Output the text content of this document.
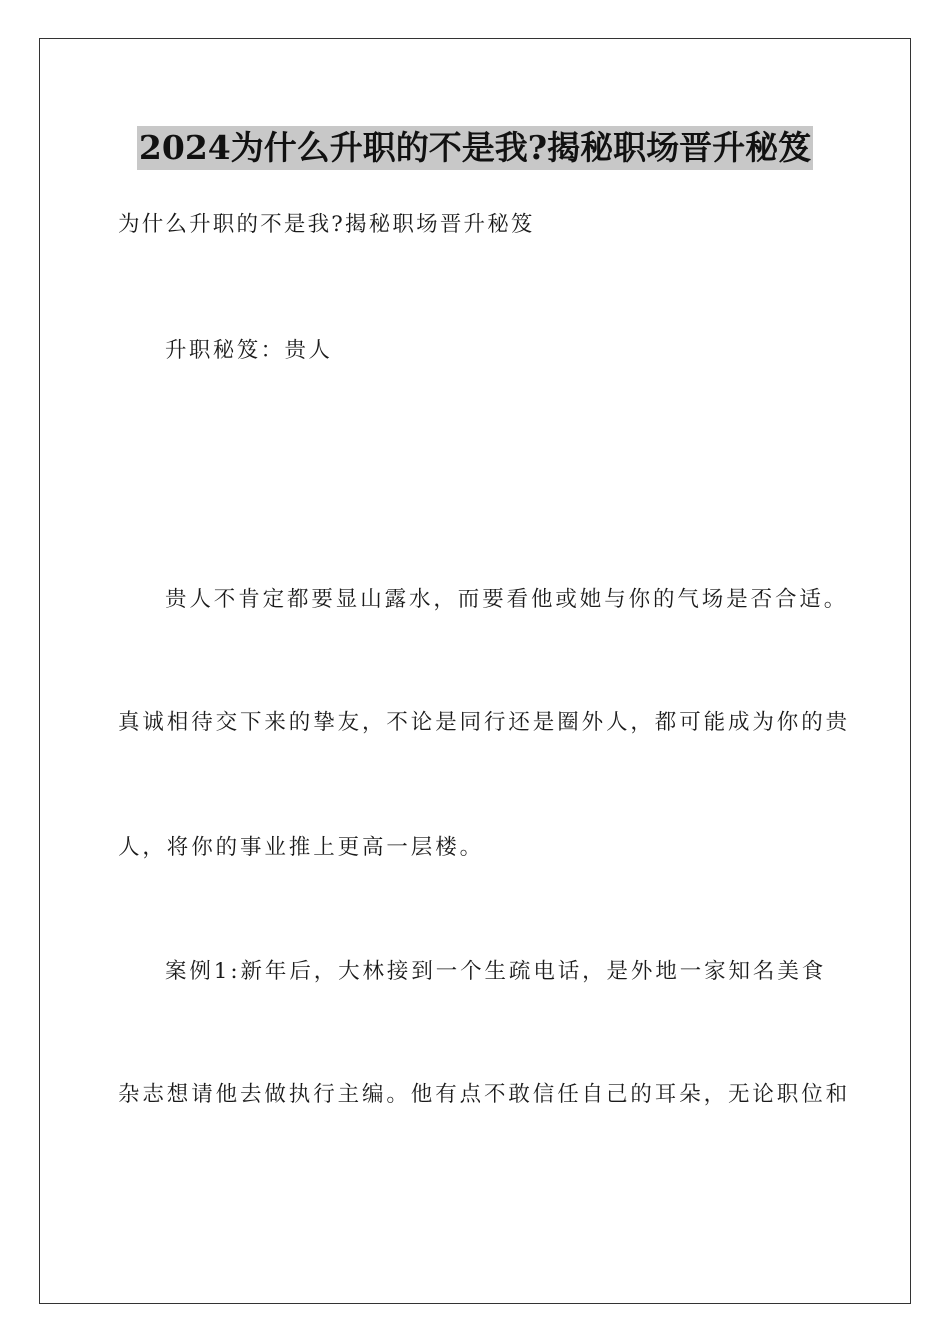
2024为什么升职的不是我?揭秘职场晋升秘笈
为什么升职的不是我?揭秘职场晋升秘笈
升职秘笈：贵人
贵人不肯定都要显山露水，而要看他或她与你的气场是否合适。
真诚相待交下来的挚友，不论是同行还是圈外人，都可能成为你的贵
人，将你的事业推上更高一层楼。
案例1:新年后，大林接到一个生疏电话，是外地一家知名美食
杂志想请他去做执行主编。他有点不敢信任自己的耳朵，无论职位和
